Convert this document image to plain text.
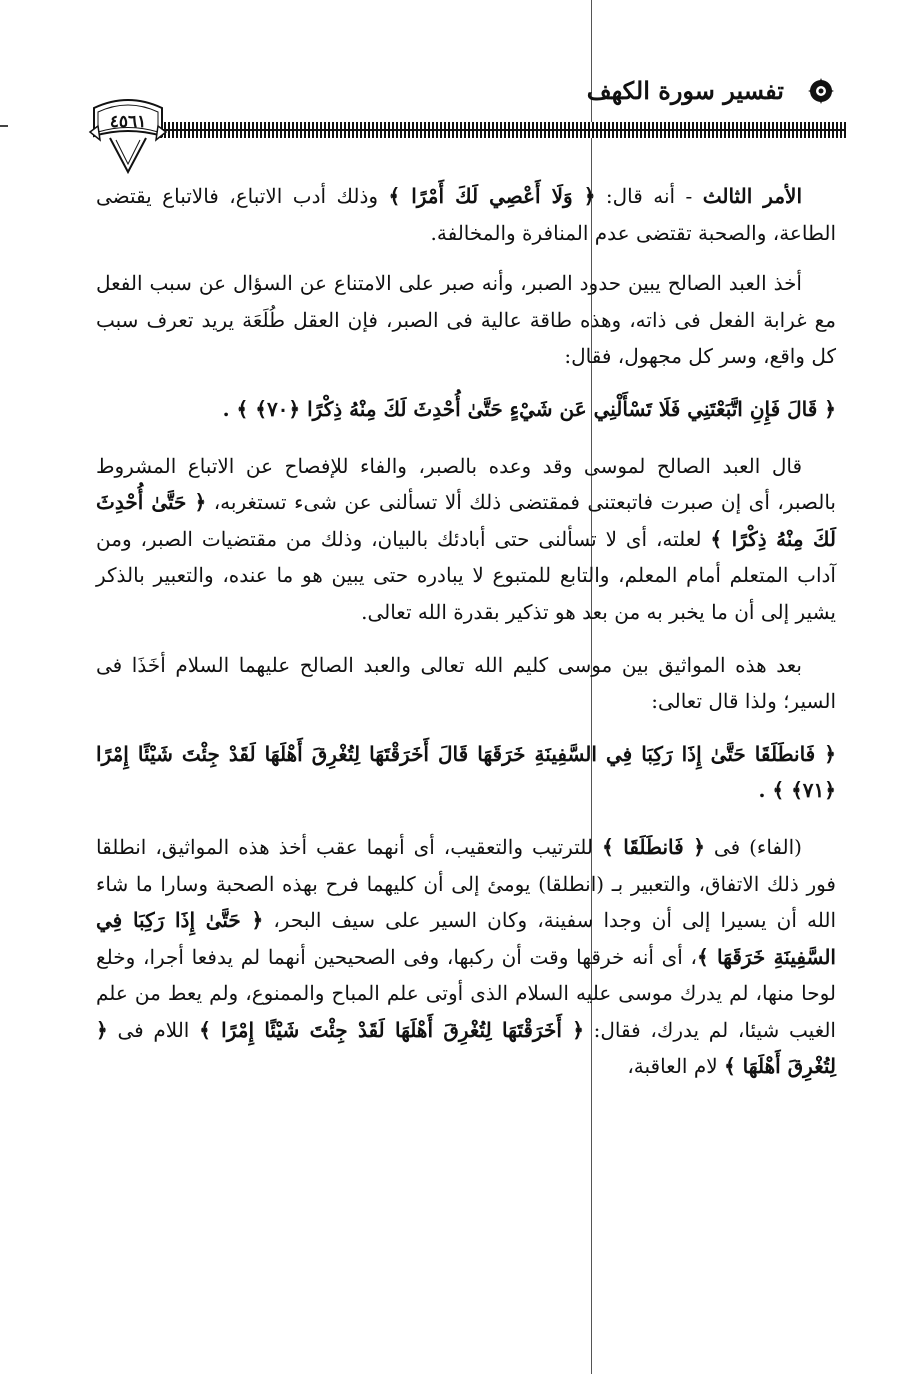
تفسير سورة الكهف
٤٥٦١

الأمر الثالث - أنه قال: ﴿ وَلَا أَعْصِي لَكَ أَمْرًا ﴾ وذلك أدب الاتباع، فالاتباع يقتضى الطاعة، والصحبة تقتضى عدم المنافرة والمخالفة.

أخذ العبد الصالح يبين حدود الصبر، وأنه صبر على الامتناع عن السؤال عن سبب الفعل مع غرابة الفعل فى ذاته، وهذه طاقة عالية فى الصبر، فإن العقل طُلَعَة يريد تعرف سبب كل واقع، وسر كل مجهول، فقال:

﴿ قَالَ فَإِنِ اتَّبَعْتَنِي فَلَا تَسْأَلْنِي عَن شَيْءٍ حَتَّىٰ أُحْدِثَ لَكَ مِنْهُ ذِكْرًا ﴿٧٠﴾ ﴾ .

قال العبد الصالح لموسى وقد وعده بالصبر، والفاء للإفصاح عن الاتباع المشروط بالصبر، أى إن صبرت فاتبعتنى فمقتضى ذلك ألا تسألنى عن شىء تستغربه، ﴿ حَتَّىٰ أُحْدِثَ لَكَ مِنْهُ ذِكْرًا ﴾ لعلته، أى لا تسألنى حتى أبادئك بالبيان، وذلك من مقتضيات الصبر، ومن آداب المتعلم أمام المعلم، والتابع للمتبوع لا يبادره حتى يبين هو ما عنده، والتعبير بالذكر يشير إلى أن ما يخبر به من بعد هو تذكير بقدرة الله تعالى.

بعد هذه المواثيق بين موسى كليم الله تعالى والعبد الصالح عليهما السلام أخَذَا فى السير؛ ولذا قال تعالى:

﴿ فَانطَلَقَا حَتَّىٰ إِذَا رَكِبَا فِي السَّفِينَةِ خَرَقَهَا قَالَ أَخَرَقْتَهَا لِتُغْرِقَ أَهْلَهَا لَقَدْ جِئْتَ شَيْئًا إِمْرًا ﴿٧١﴾ ﴾ .

(الفاء) فى ﴿ فَانطَلَقَا ﴾ للترتيب والتعقيب، أى أنهما عقب أخذ هذه المواثيق، انطلقا فور ذلك الاتفاق، والتعبير بـ (انطلقا) يومئ إلى أن كليهما فرح بهذه الصحبة وسارا ما شاء الله أن يسيرا إلى أن وجدا سفينة، وكان السير على سيف البحر، ﴿ حَتَّىٰ إِذَا رَكِبَا فِي السَّفِينَةِ خَرَقَهَا ﴾، أى أنه خرقها وقت أن ركبها، وفى الصحيحين أنهما لم يدفعا أجرا، وخلع لوحا منها، لم يدرك موسى عليه السلام الذى أوتى علم المباح والممنوع، ولم يعط من علم الغيب شيئا، لم يدرك، فقال: ﴿ أَخَرَقْتَهَا لِتُغْرِقَ أَهْلَهَا لَقَدْ جِئْتَ شَيْئًا إِمْرًا ﴾ اللام فى ﴿ لِتُغْرِقَ أَهْلَهَا ﴾ لام العاقبة،
